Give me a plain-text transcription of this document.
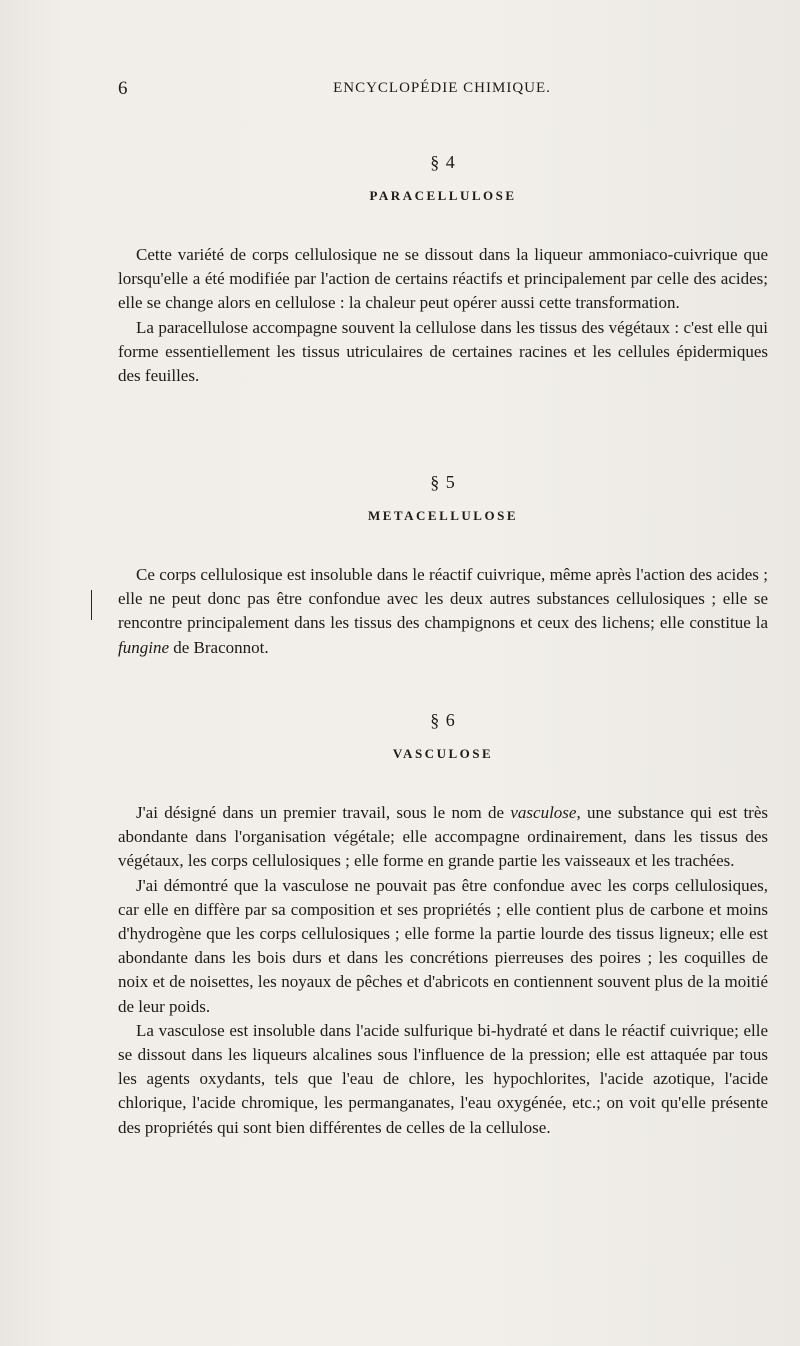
6	ENCYCLOPÉDIE CHIMIQUE.
§ 4
PARACELLULOSE

Cette variété de corps cellulosique ne se dissout dans la liqueur ammoniaco-cuivrique que lorsqu'elle a été modifiée par l'action de certains réactifs et principalement par celle des acides; elle se change alors en cellulose : la chaleur peut opérer aussi cette transformation.

La paracellulose accompagne souvent la cellulose dans les tissus des végétaux : c'est elle qui forme essentiellement les tissus utriculaires de certaines racines et les cellules épidermiques des feuilles.

§ 5
METACELLULOSE

Ce corps cellulosique est insoluble dans le réactif cuivrique, même après l'action des acides ; elle ne peut donc pas être confondue avec les deux autres substances cellulosiques ; elle se rencontre principalement dans les tissus des champignons et ceux des lichens; elle constitue la fungine de Braconnot.

§ 6
VASCULOSE

J'ai désigné dans un premier travail, sous le nom de vasculose, une substance qui est très abondante dans l'organisation végétale; elle accompagne ordinairement, dans les tissus des végétaux, les corps cellulosiques ; elle forme en grande partie les vaisseaux et les trachées.

J'ai démontré que la vasculose ne pouvait pas être confondue avec les corps cellulosiques, car elle en diffère par sa composition et ses propriétés ; elle contient plus de carbone et moins d'hydrogène que les corps cellulosiques ; elle forme la partie lourde des tissus ligneux; elle est abondante dans les bois durs et dans les concrétions pierreuses des poires ; les coquilles de noix et de noisettes, les noyaux de pêches et d'abricots en contiennent souvent plus de la moitié de leur poids.

La vasculose est insoluble dans l'acide sulfurique bi-hydraté et dans le réactif cuivrique; elle se dissout dans les liqueurs alcalines sous l'influence de la pression; elle est attaquée par tous les agents oxydants, tels que l'eau de chlore, les hypochlorites, l'acide azotique, l'acide chlorique, l'acide chromique, les permanganates, l'eau oxygénée, etc.; on voit qu'elle présente des propriétés qui sont bien différentes de celles de la cellulose.
